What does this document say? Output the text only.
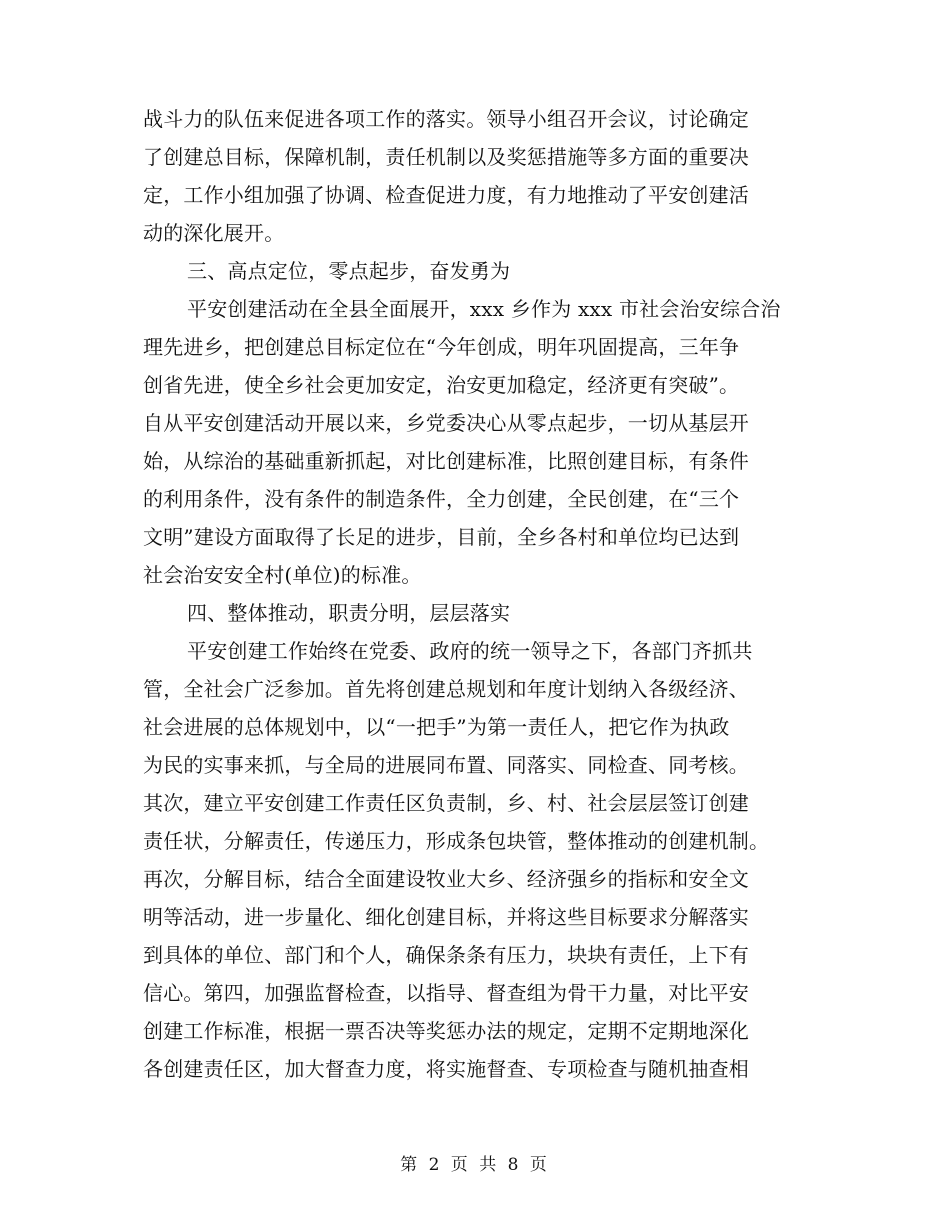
战斗力的队伍来促进各项工作的落实。领导小组召开会议，讨论确定
了创建总目标，保障机制，责任机制以及奖惩措施等多方面的重要决
定，工作小组加强了协调、检查促进力度，有力地推动了平安创建活
动的深化展开。
三、高点定位，零点起步，奋发勇为
平安创建活动在全县全面展开，xxx 乡作为 xxx 市社会治安综合治
理先进乡，把创建总目标定位在“今年创成，明年巩固提高，三年争
创省先进，使全乡社会更加安定，治安更加稳定，经济更有突破”。
自从平安创建活动开展以来，乡党委决心从零点起步，一切从基层开
始，从综治的基础重新抓起，对比创建标准，比照创建目标，有条件
的利用条件，没有条件的制造条件，全力创建，全民创建，在“三个
文明”建设方面取得了长足的进步，目前，全乡各村和单位均已达到
社会治安安全村(单位)的标准。
四、整体推动，职责分明，层层落实
平安创建工作始终在党委、政府的统一领导之下，各部门齐抓共
管，全社会广泛参加。首先将创建总规划和年度计划纳入各级经济、
社会进展的总体规划中，以“一把手”为第一责任人，把它作为执政
为民的实事来抓，与全局的进展同布置、同落实、同检查、同考核。
其次，建立平安创建工作责任区负责制，乡、村、社会层层签订创建
责任状，分解责任，传递压力，形成条包块管，整体推动的创建机制。
再次，分解目标，结合全面建设牧业大乡、经济强乡的指标和安全文
明等活动，进一步量化、细化创建目标，并将这些目标要求分解落实
到具体的单位、部门和个人，确保条条有压力，块块有责任，上下有
信心。第四，加强监督检查，以指导、督查组为骨干力量，对比平安
创建工作标准，根据一票否决等奖惩办法的规定，定期不定期地深化
各创建责任区，加大督查力度，将实施督查、专项检查与随机抽查相
第 2 页 共 8 页
